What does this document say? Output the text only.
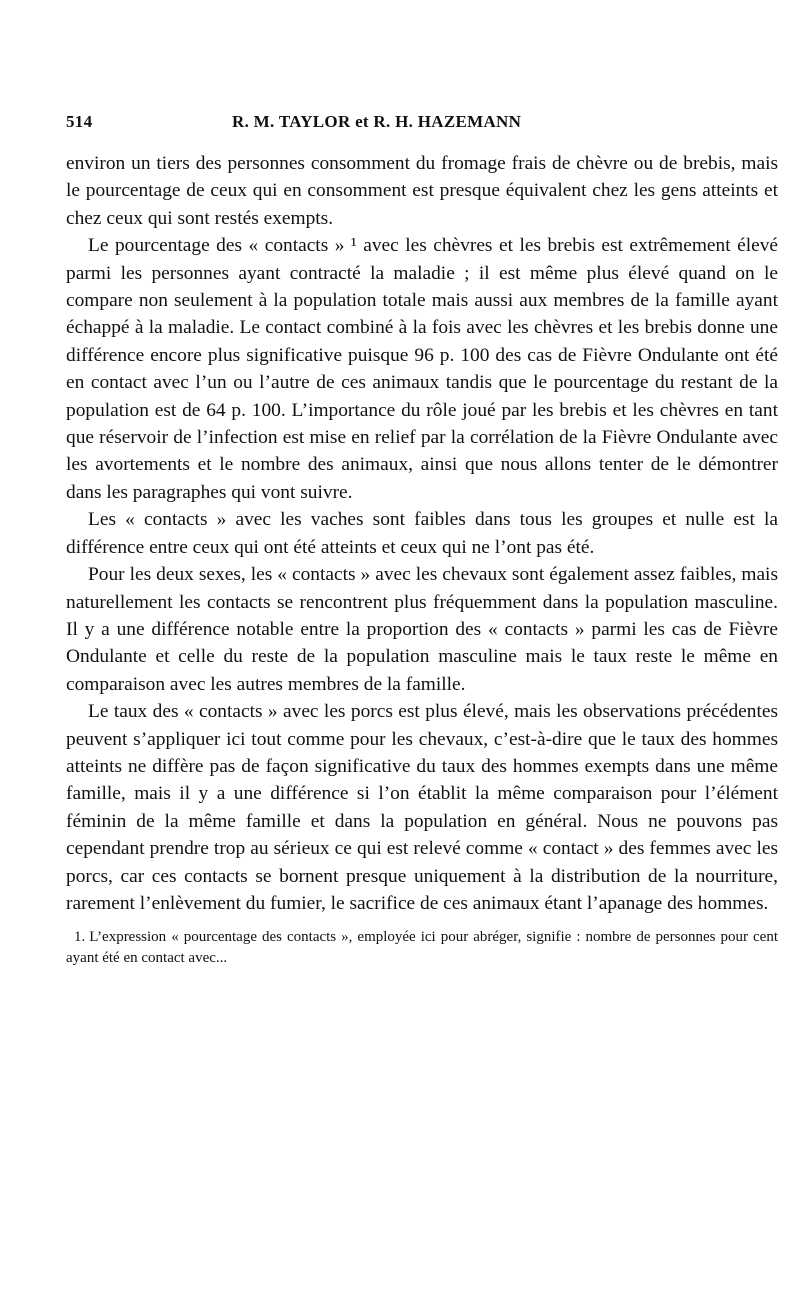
514	R. M. TAYLOR et R. H. HAZEMANN

environ un tiers des personnes consomment du fromage frais de chèvre ou de brebis, mais le pourcentage de ceux qui en consomment est presque équivalent chez les gens atteints et chez ceux qui sont restés exempts.

Le pourcentage des « contacts » ¹ avec les chèvres et les brebis est extrêmement élevé parmi les personnes ayant contracté la maladie ; il est même plus élevé quand on le compare non seulement à la population totale mais aussi aux membres de la famille ayant échappé à la maladie. Le contact combiné à la fois avec les chèvres et les brebis donne une différence encore plus significative puisque 96 p. 100 des cas de Fièvre Ondulante ont été en contact avec l’un ou l’autre de ces animaux tandis que le pourcentage du restant de la population est de 64 p. 100. L’importance du rôle joué par les brebis et les chèvres en tant que réservoir de l’infection est mise en relief par la corrélation de la Fièvre Ondulante avec les avortements et le nombre des animaux, ainsi que nous allons tenter de le démontrer dans les paragraphes qui vont suivre.

Les « contacts » avec les vaches sont faibles dans tous les groupes et nulle est la différence entre ceux qui ont été atteints et ceux qui ne l’ont pas été.

Pour les deux sexes, les « contacts » avec les chevaux sont également assez faibles, mais naturellement les contacts se rencontrent plus fréquemment dans la population masculine. Il y a une différence notable entre la proportion des « contacts » parmi les cas de Fièvre Ondulante et celle du reste de la population masculine mais le taux reste le même en comparaison avec les autres membres de la famille.

Le taux des « contacts » avec les porcs est plus élevé, mais les observations précédentes peuvent s’appliquer ici tout comme pour les chevaux, c’est-à-dire que le taux des hommes atteints ne diffère pas de façon significative du taux des hommes exempts dans une même famille, mais il y a une différence si l’on établit la même comparaison pour l’élément féminin de la même famille et dans la population en général. Nous ne pouvons pas cependant prendre trop au sérieux ce qui est relevé comme « contact » des femmes avec les porcs, car ces contacts se bornent presque uniquement à la distribution de la nourriture, rarement l’enlèvement du fumier, le sacrifice de ces animaux étant l’apanage des hommes.

1. L’expression « pourcentage des contacts », employée ici pour abréger, signifie : nombre de personnes pour cent ayant été en contact avec...
